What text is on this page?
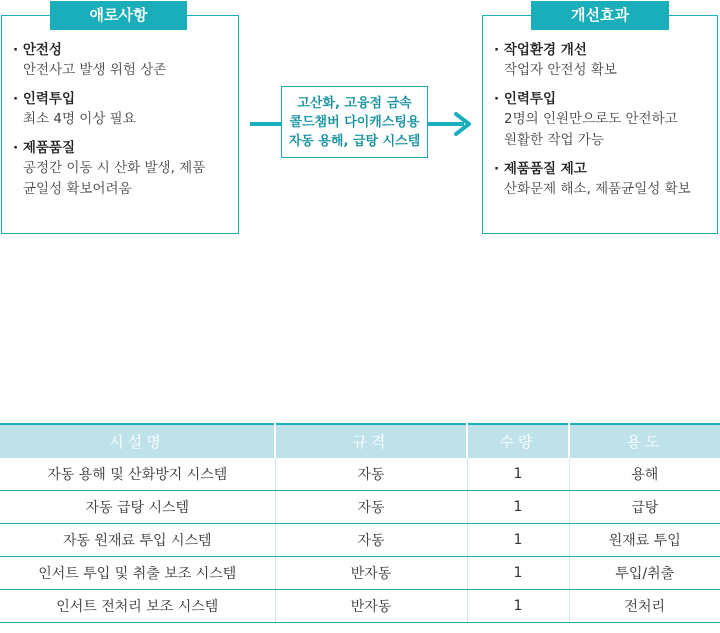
애로사항
· 안전성
안전사고 발생 위험 상존
· 인력투입
최소 4명 이상 필요
· 제품품질
공정간 이동 시 산화 발생, 제품
균일성 확보어려움
고산화, 고융점 금속
콜드챔버 다이캐스팅용
자동 용해, 급탕 시스템
개선효과
· 작업환경 개선
작업자 안전성 확보
· 인력투입
2명의 인원만으로도 안전하고
원활한 작업 가능
· 제품품질 제고
산화문제 해소, 제품균일성 확보
시설명	규격	수량	용도
자동 용해 및 산화방지 시스템	자동	1	용해
자동 급탕 시스템	자동	1	급탕
자동 원재료 투입 시스템	자동	1	원재료 투입
인서트 투입 및 취출 보조 시스템	반자동	1	투입/취출
인서트 전처리 보조 시스템	반자동	1	전처리
